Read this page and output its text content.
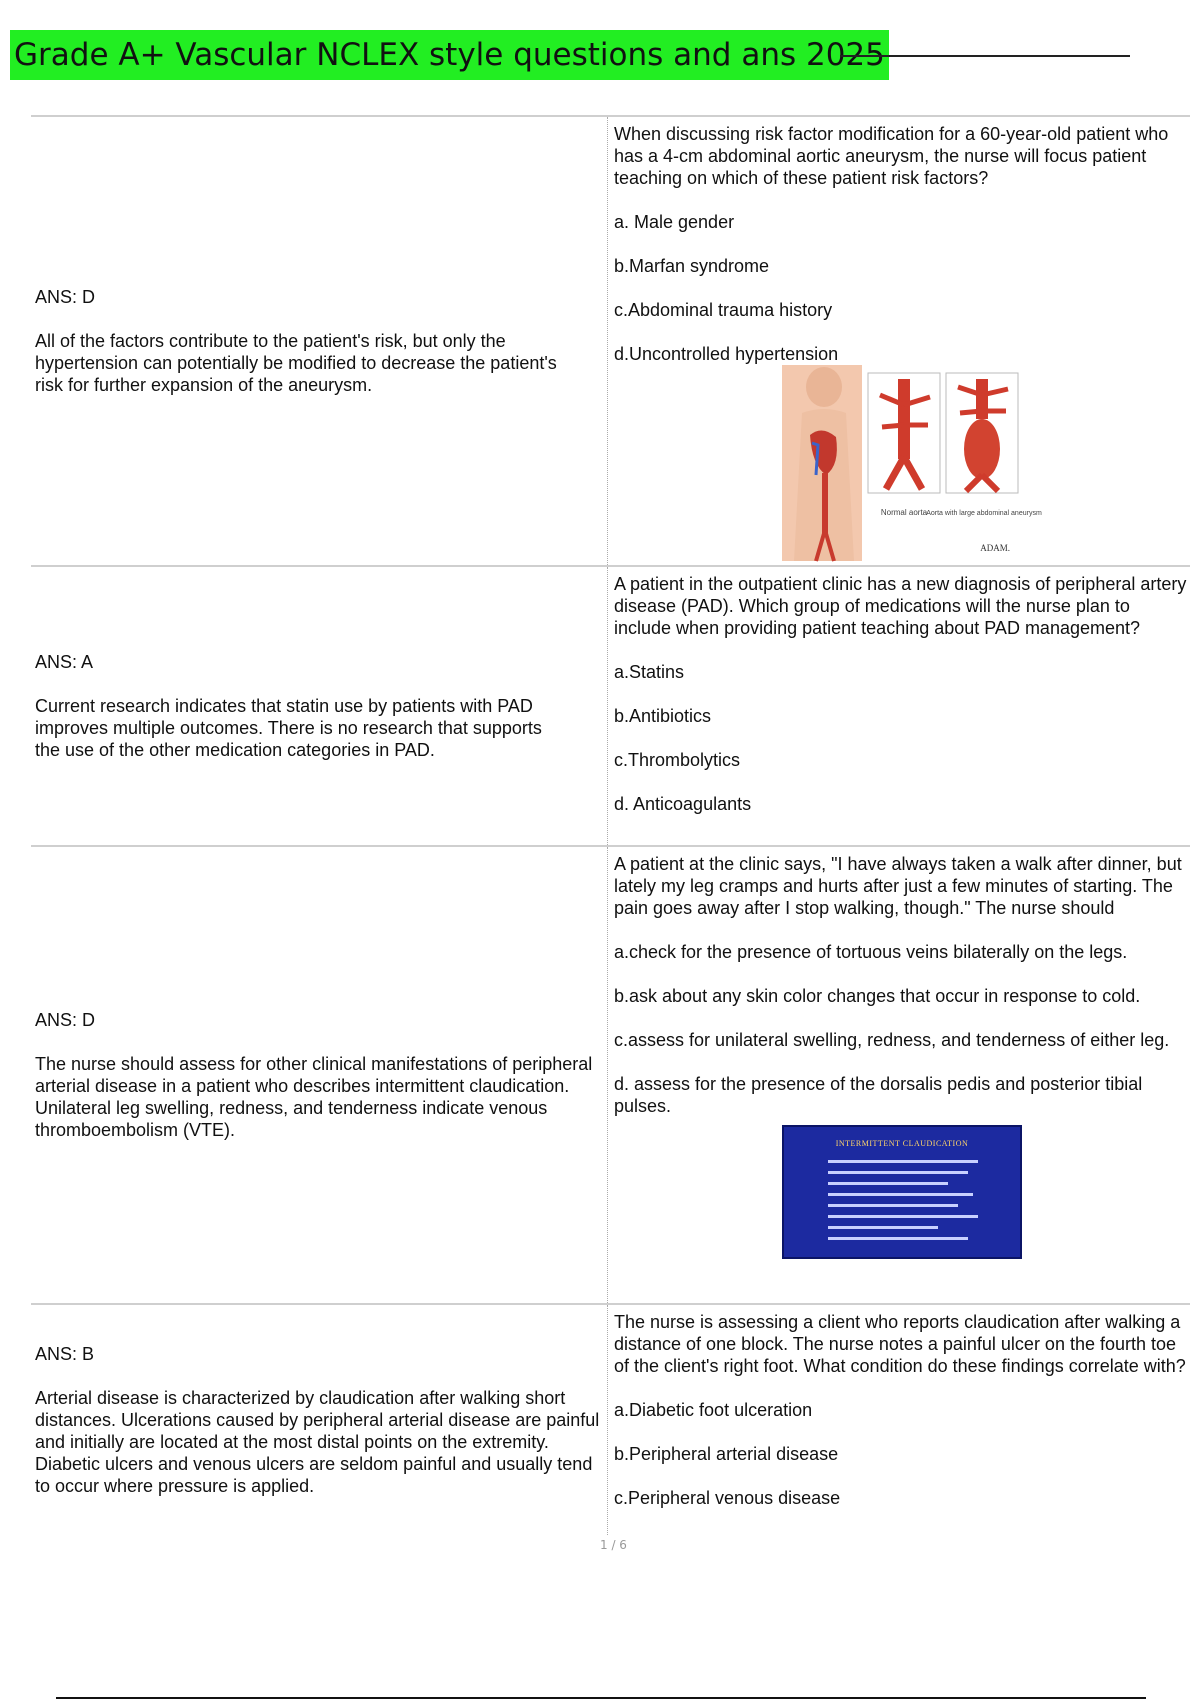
Grade A+ Vascular NCLEX style questions and ans 2025
ANS: D
All of the factors contribute to the patient's risk, but only the
hypertension can potentially be modified to decrease the patient's
risk for further expansion of the aneurysm.
When discussing risk factor modification for a 60-year-old patient who has a 4-cm abdominal aortic aneurysm, the nurse will focus patient teaching on which of these patient risk factors?
a. Male gender
b.Marfan syndrome
c.Abdominal trauma history
d.Uncontrolled hypertension
Normal aorta Aorta with large abdominal aneurysm
ADAM.
ANS: A
Current research indicates that statin use by patients with PAD
improves multiple outcomes. There is no research that supports
the use of the other medication categories in PAD.
A patient in the outpatient clinic has a new diagnosis of peripheral artery disease (PAD). Which group of medications will the nurse plan to include when providing patient teaching about PAD management?
a.Statins
b.Antibiotics
c.Thrombolytics
d. Anticoagulants
ANS: D
The nurse should assess for other clinical manifestations of peripheral arterial disease in a patient who describes intermittent claudication.
Unilateral leg swelling, redness, and tenderness indicate venous thromboembolism (VTE).
A patient at the clinic says, "I have always taken a walk after dinner, but lately my leg cramps and hurts after just a few minutes of starting. The pain goes away after I stop walking, though." The nurse should
a.check for the presence of tortuous veins bilaterally on the legs.
b.ask about any skin color changes that occur in response to cold.
c.assess for unilateral swelling, redness, and tenderness of either leg.
d. assess for the presence of the dorsalis pedis and posterior tibial pulses.
INTERMITTENT CLAUDICATION
ANS: B
Arterial disease is characterized by claudication after walking short distances. Ulcerations caused by peripheral arterial disease are painful and initially are located at the most distal points on the extremity. Diabetic ulcers and venous ulcers are seldom painful and usually tend to occur where pressure is applied.
The nurse is assessing a client who reports claudication after walking a distance of one block. The nurse notes a painful ulcer on the fourth toe of the client's right foot. What condition do these findings correlate with?
a.Diabetic foot ulceration
b.Peripheral arterial disease
c.Peripheral venous disease
1 / 6
